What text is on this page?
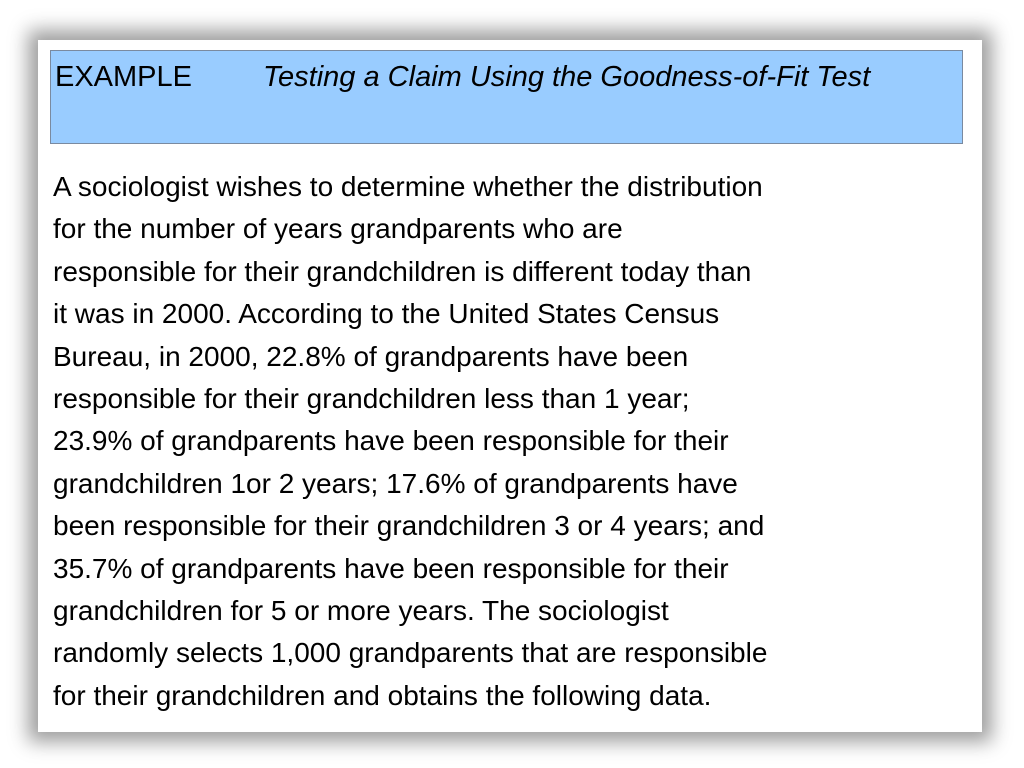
EXAMPLE Testing a Claim Using the Goodness-of-Fit Test
A sociologist wishes to determine whether the distribution
for the number of years grandparents who are
responsible for their grandchildren is different today than
it was in 2000. According to the United States Census
Bureau, in 2000, 22.8% of grandparents have been
responsible for their grandchildren less than 1 year;
23.9% of grandparents have been responsible for their
grandchildren 1or 2 years; 17.6% of grandparents have
been responsible for their grandchildren 3 or 4 years; and
35.7% of grandparents have been responsible for their
grandchildren for 5 or more years. The sociologist
randomly selects 1,000 grandparents that are responsible
for their grandchildren and obtains the following data.
